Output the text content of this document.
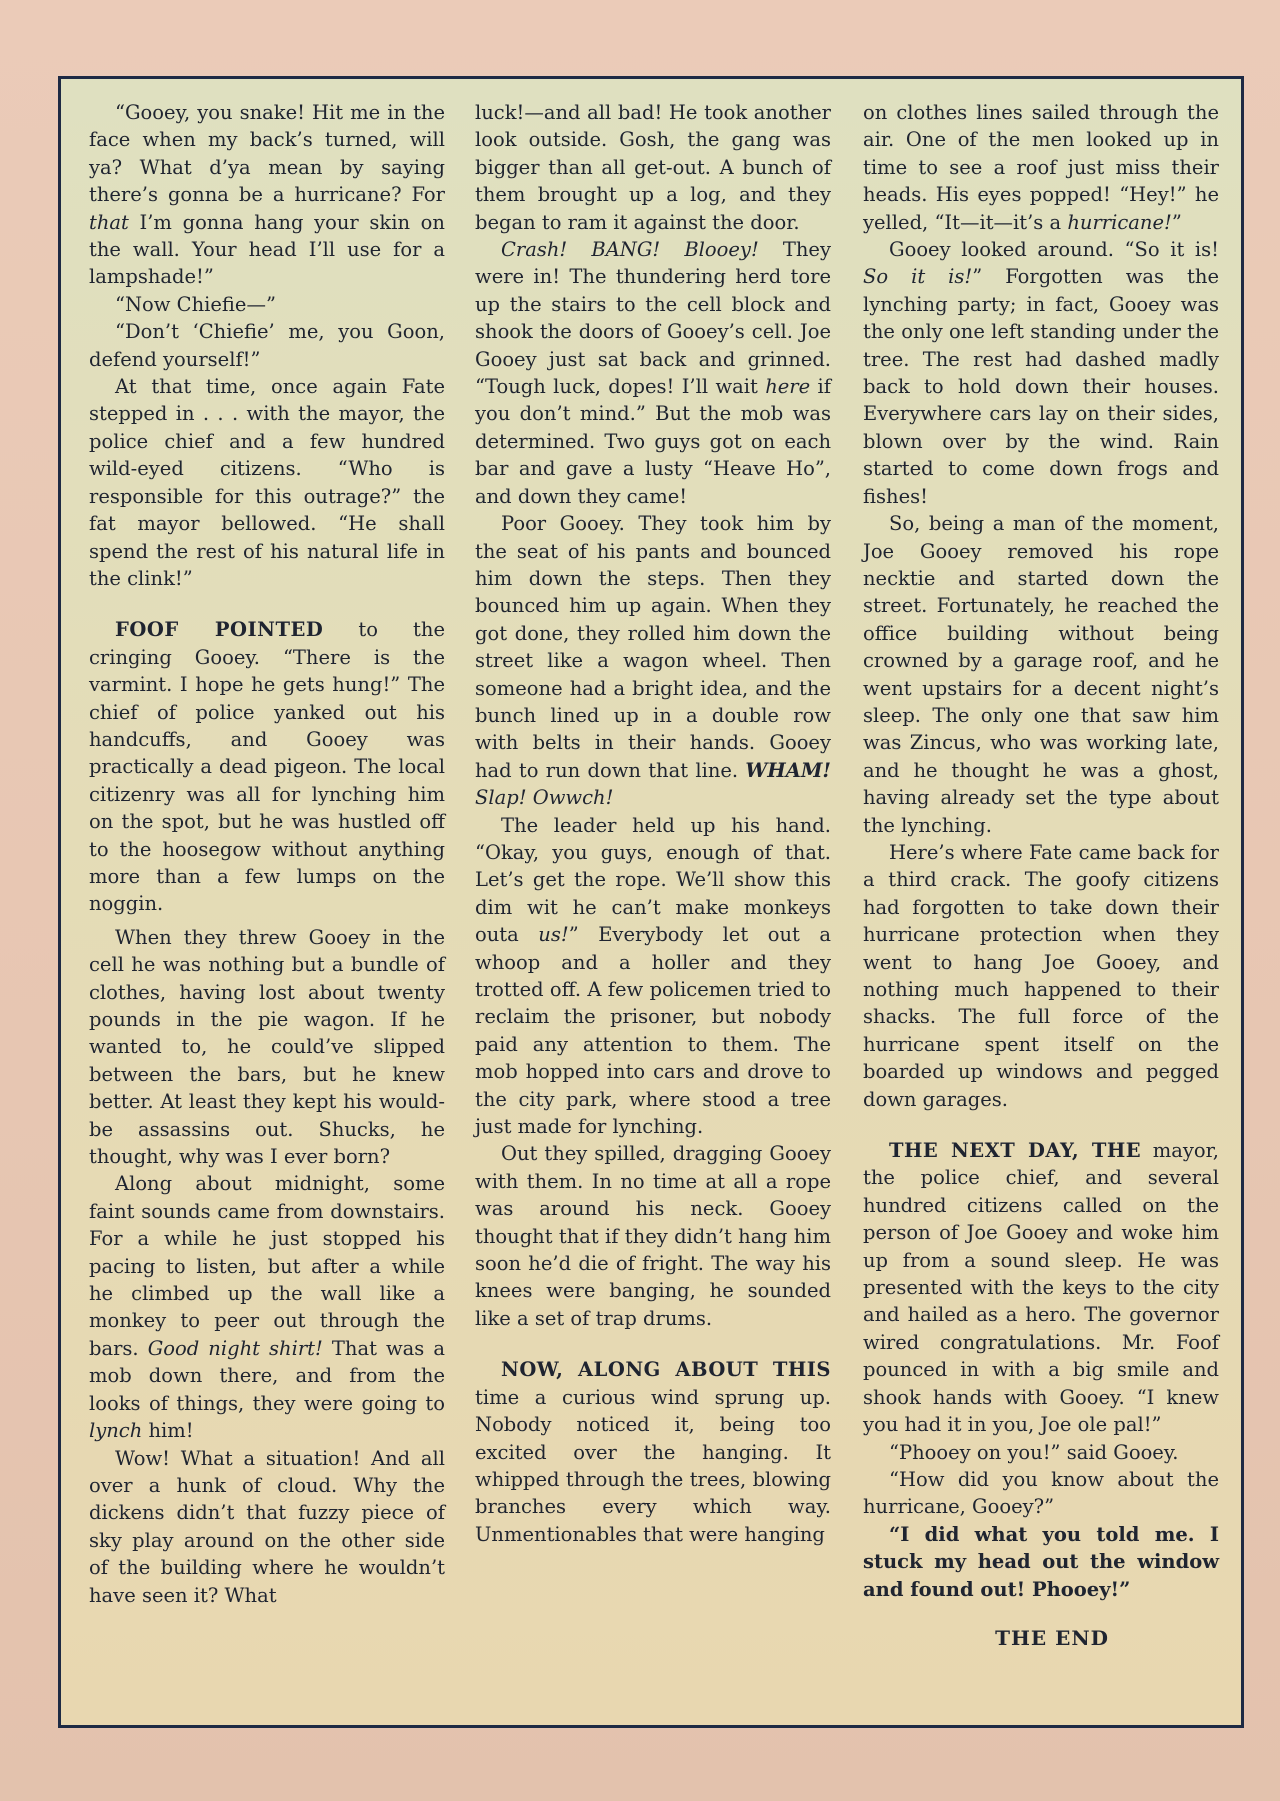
“Gooey, you snake! Hit me in the face when my back’s turned, will ya? What d’ya mean by saying there’s gonna be a hurricane? For that I’m gonna hang your skin on the wall. Your head I’ll use for a lampshade!”

“Now Chiefie—”

“Don’t ‘Chiefie’ me, you Goon, defend yourself!”

At that time, once again Fate stepped in . . . with the mayor, the police chief and a few hundred wild-eyed citizens. “Who is responsible for this outrage?” the fat mayor bellowed. “He shall spend the rest of his natural life in the clink!”

FOOF POINTED to the cringing Gooey. “There is the varmint. I hope he gets hung!” The chief of police yanked out his handcuffs, and Gooey was practically a dead pigeon. The local citizenry was all for lynching him on the spot, but he was hustled off to the hoosegow without anything more than a few lumps on the noggin.

When they threw Gooey in the cell he was nothing but a bundle of clothes, having lost about twenty pounds in the pie wagon. If he wanted to, he could’ve slipped between the bars, but he knew better. At least they kept his would-be assassins out. Shucks, he thought, why was I ever born?

Along about midnight, some faint sounds came from downstairs. For a while he just stopped his pacing to listen, but after a while he climbed up the wall like a monkey to peer out through the bars. Good night shirt! That was a mob down there, and from the looks of things, they were going to lynch him!

Wow! What a situation! And all over a hunk of cloud. Why the dickens didn’t that fuzzy piece of sky play around on the other side of the building where he wouldn’t have seen it? What

luck!—and all bad! He took another look outside. Gosh, the gang was bigger than all get-out. A bunch of them brought up a log, and they began to ram it against the door.

Crash! BANG! Blooey! They were in! The thundering herd tore up the stairs to the cell block and shook the doors of Gooey’s cell. Joe Gooey just sat back and grinned. “Tough luck, dopes! I’ll wait here if you don’t mind.” But the mob was determined. Two guys got on each bar and gave a lusty “Heave Ho”, and down they came!

Poor Gooey. They took him by the seat of his pants and bounced him down the steps. Then they bounced him up again. When they got done, they rolled him down the street like a wagon wheel. Then someone had a bright idea, and the bunch lined up in a double row with belts in their hands. Gooey had to run down that line. WHAM! Slap! Owwch!

The leader held up his hand. “Okay, you guys, enough of that. Let’s get the rope. We’ll show this dim wit he can’t make monkeys outa us!” Everybody let out a whoop and a holler and they trotted off. A few policemen tried to reclaim the prisoner, but nobody paid any attention to them. The mob hopped into cars and drove to the city park, where stood a tree just made for lynching.

Out they spilled, dragging Gooey with them. In no time at all a rope was around his neck. Gooey thought that if they didn’t hang him soon he’d die of fright. The way his knees were banging, he sounded like a set of trap drums.

NOW, ALONG ABOUT THIS time a curious wind sprung up. Nobody noticed it, being too excited over the hanging. It whipped through the trees, blowing branches every which way. Unmentionables that were hanging

on clothes lines sailed through the air. One of the men looked up in time to see a roof just miss their heads. His eyes popped! “Hey!” he yelled, “It—it—it’s a hurricane!”

Gooey looked around. “So it is! So it is!” Forgotten was the lynching party; in fact, Gooey was the only one left standing under the tree. The rest had dashed madly back to hold down their houses. Everywhere cars lay on their sides, blown over by the wind. Rain started to come down frogs and fishes!

So, being a man of the moment, Joe Gooey removed his rope necktie and started down the street. Fortunately, he reached the office building without being crowned by a garage roof, and he went upstairs for a decent night’s sleep. The only one that saw him was Zincus, who was working late, and he thought he was a ghost, having already set the type about the lynching.

Here’s where Fate came back for a third crack. The goofy citizens had forgotten to take down their hurricane protection when they went to hang Joe Gooey, and nothing much happened to their shacks. The full force of the hurricane spent itself on the boarded up windows and pegged down garages.

THE NEXT DAY, THE mayor, the police chief, and several hundred citizens called on the person of Joe Gooey and woke him up from a sound sleep. He was presented with the keys to the city and hailed as a hero. The governor wired congratulations. Mr. Foof pounced in with a big smile and shook hands with Gooey. “I knew you had it in you, Joe ole pal!”

“Phooey on you!” said Gooey.

“How did you know about the hurricane, Gooey?”

“I did what you told me. I stuck my head out the window and found out! Phooey!”

THE END
